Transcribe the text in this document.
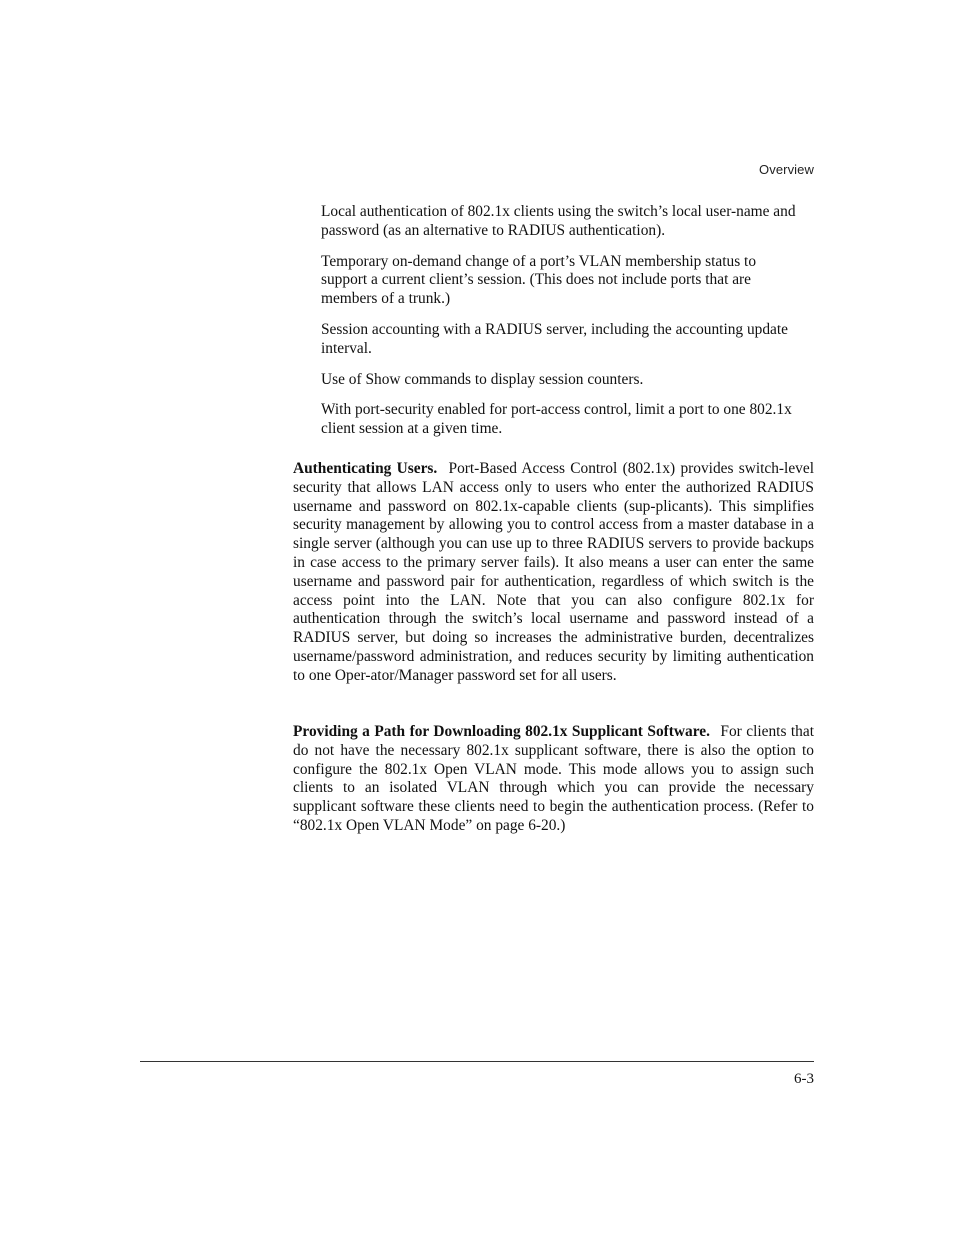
Overview

Local authentication of 802.1x clients using the switch’s local user-name and password (as an alternative to RADIUS authentication).

Temporary on-demand change of a port’s VLAN membership status to support a current client’s session. (This does not include ports that are members of a trunk.)

Session accounting with a RADIUS server, including the accounting update interval.

Use of Show commands to display session counters.

With port-security enabled for port-access control, limit a port to one 802.1x client session at a given time.

Authenticating Users. Port-Based Access Control (802.1x) provides switch-level security that allows LAN access only to users who enter the authorized RADIUS username and password on 802.1x-capable clients (sup-plicants). This simplifies security management by allowing you to control access from a master database in a single server (although you can use up to three RADIUS servers to provide backups in case access to the primary server fails). It also means a user can enter the same username and password pair for authentication, regardless of which switch is the access point into the LAN. Note that you can also configure 802.1x for authentication through the switch’s local username and password instead of a RADIUS server, but doing so increases the administrative burden, decentralizes username/password administration, and reduces security by limiting authentication to one Oper-ator/Manager password set for all users.
Providing a Path for Downloading 802.1x Supplicant Software. For clients that do not have the necessary 802.1x supplicant software, there is also the option to configure the 802.1x Open VLAN mode. This mode allows you to assign such clients to an isolated VLAN through which you can provide the necessary supplicant software these clients need to begin the authentication process. (Refer to “802.1x Open VLAN Mode” on page 6-20.)
6-3
